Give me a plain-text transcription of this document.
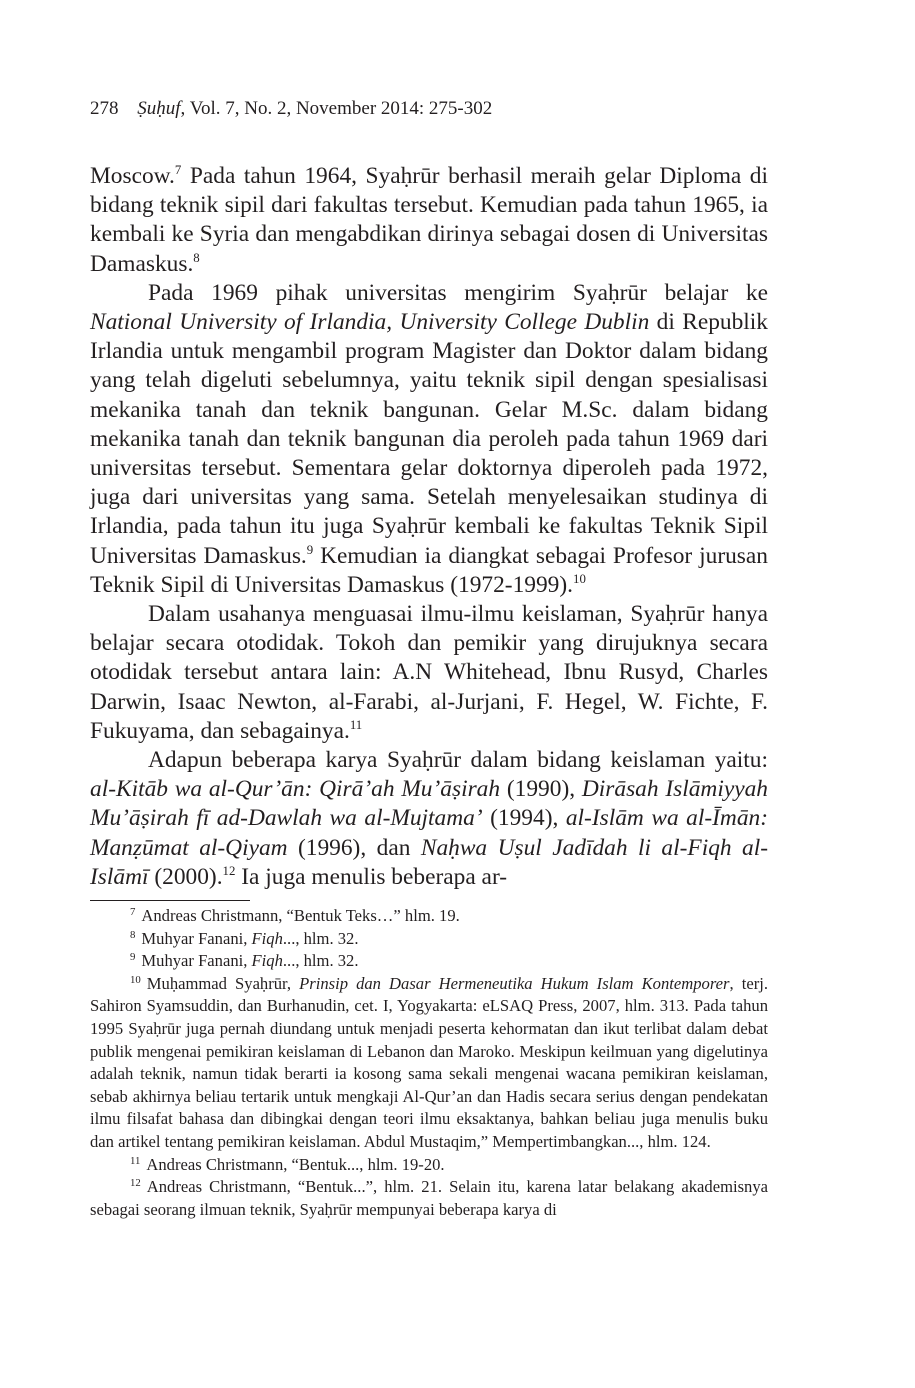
278 Ṣuḥuf, Vol. 7, No. 2, November 2014: 275-302

Moscow.$^7$ Pada tahun 1964, Syaḥrūr berhasil meraih gelar Diploma di bidang teknik sipil dari fakultas tersebut. Kemudian pada tahun 1965, ia kembali ke Syria dan mengabdikan dirinya sebagai dosen di Universitas Damaskus.$^8$

Pada 1969 pihak universitas mengirim Syaḥrūr belajar ke National University of Irlandia, University College Dublin di Republik Irlandia untuk mengambil program Magister dan Doktor dalam bidang yang telah digeluti sebelumnya, yaitu teknik sipil dengan spesialisasi mekanika tanah dan teknik bangunan. Gelar M.Sc. dalam bidang mekanika tanah dan teknik bangunan dia peroleh pada tahun 1969 dari universitas tersebut. Sementara gelar doktornya diperoleh pada 1972, juga dari universitas yang sama. Setelah menyelesaikan studinya di Irlandia, pada tahun itu juga Syaḥrūr kembali ke fakultas Teknik Sipil Universitas Damaskus.$^9$ Kemudian ia diangkat sebagai Profesor jurusan Teknik Sipil di Universitas Damaskus (1972-1999).$^{10}$

Dalam usahanya menguasai ilmu-ilmu keislaman, Syaḥrūr hanya belajar secara otodidak. Tokoh dan pemikir yang dirujuknya secara otodidak tersebut antara lain: A.N Whitehead, Ibnu Rusyd, Charles Darwin, Isaac Newton, al-Farabi, al-Jurjani, F. Hegel, W. Fichte, F. Fukuyama, dan sebagainya.$^{11}$

Adapun beberapa karya Syaḥrūr dalam bidang keislaman yaitu: al-Kitāb wa al-Qur’ān: Qirā’ah Mu’āṣirah (1990), Dirāsah Islāmiyyah Mu’āṣirah fī ad-Dawlah wa al-Mujtama’ (1994), al-Islām wa al-Īmān: Manẓūmat al-Qiyam (1996), dan Naḥwa Uṣul Jadīdah li al-Fiqh al-Islāmī (2000).$^{12}$ Ia juga menulis beberapa ar-

$^7$ Andreas Christmann, “Bentuk Teks…” hlm. 19.

$^8$ Muhyar Fanani, Fiqh..., hlm. 32.

$^9$ Muhyar Fanani, Fiqh..., hlm. 32.

$^{10}$ Muḥammad Syaḥrūr, Prinsip dan Dasar Hermeneutika Hukum Islam Kontemporer, terj. Sahiron Syamsuddin, dan Burhanudin, cet. I, Yogyakarta: eLSAQ Press, 2007, hlm. 313. Pada tahun 1995 Syaḥrūr juga pernah diundang untuk menjadi peserta kehormatan dan ikut terlibat dalam debat publik mengenai pemikiran keislaman di Lebanon dan Maroko. Meskipun keilmuan yang digelutinya adalah teknik, namun tidak berarti ia kosong sama sekali mengenai wacana pemikiran keislaman, sebab akhirnya beliau tertarik untuk mengkaji Al-Qur’an dan Hadis secara serius dengan pendekatan ilmu filsafat bahasa dan dibingkai dengan teori ilmu eksaktanya, bahkan beliau juga menulis buku dan artikel tentang pemikiran keislaman. Abdul Mustaqim,” Mempertimbangkan..., hlm. 124.

$^{11}$ Andreas Christmann, “Bentuk..., hlm. 19-20.

$^{12}$ Andreas Christmann, “Bentuk...”, hlm. 21. Selain itu, karena latar belakang akademisnya sebagai seorang ilmuan teknik, Syaḥrūr mempunyai beberapa karya di
